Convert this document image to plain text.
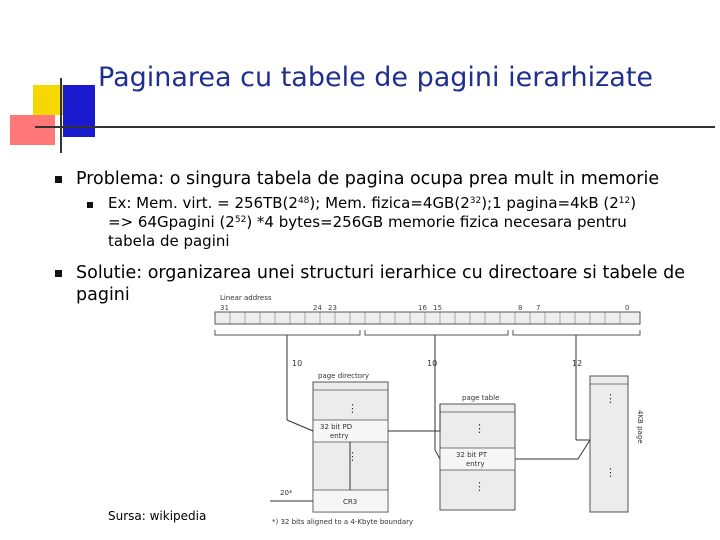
Paginarea cu tabele de pagini ierarhizate
Problema: o singura tabela de pagina ocupa prea mult in memorie
Ex: Mem. virt. = $256TB(2^{48})$; Mem. $fizica=4GB(2^{32});1$ pagina=4kB $(2^{12})$
=> 64Gpagini $(2^{52})$ *4 bytes=256GB memorie fizica necesara pentru
tabela de pagini
Solutie: organizarea unei structuri ierarhice cu directoare si tabele de
pagini	Linear address
31	24 23	16 15	8 7	0
10	10	12
page directory
⋮
32 bit PD
entry
⋮
CR3
page table
⋮
32 bit PT
entry
⋮
⋮
⋮
4KB page
20*
*) 32 bits aligned to a 4-Kbyte boundary
Sursa: wikipedia
